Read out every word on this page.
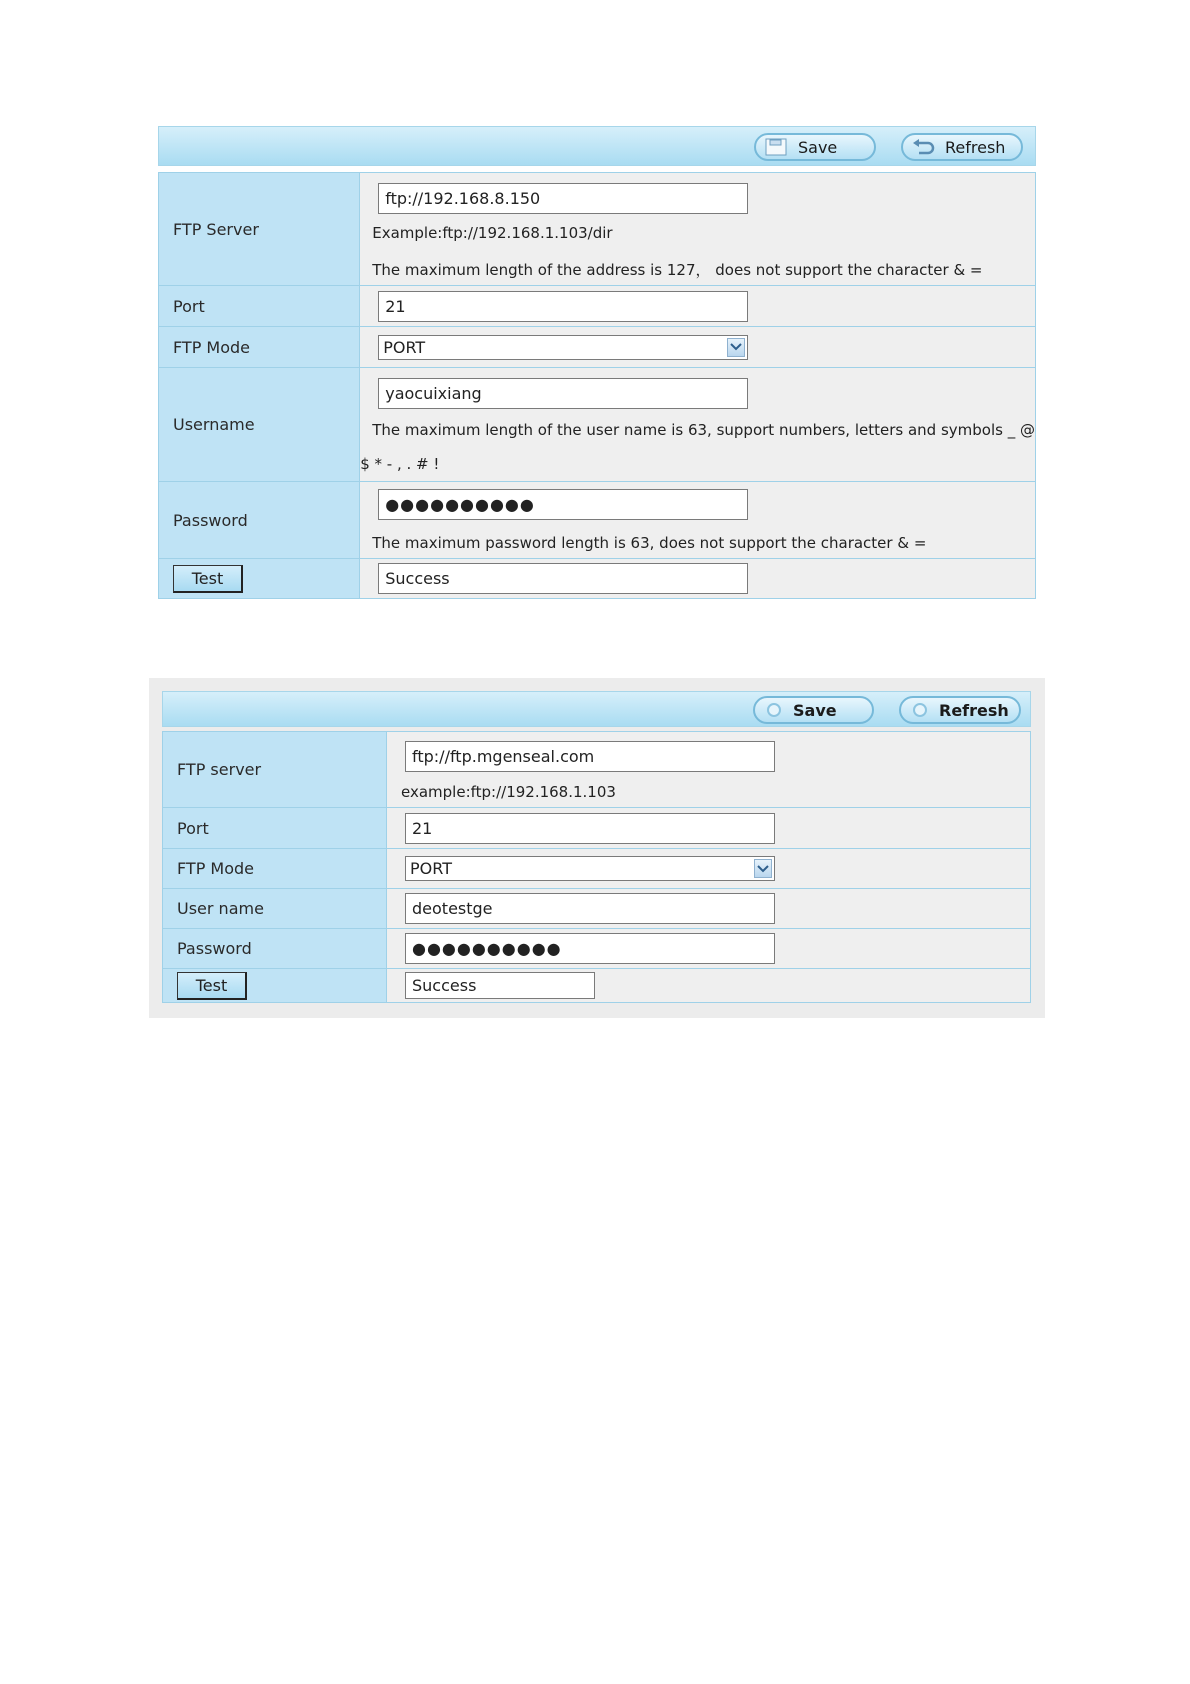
Save	Refresh
FTP Server	ftp://192.168.8.150
Example:ftp://192.168.1.103/dir
The maximum length of the address is 127， does not support the character & =

Port	21

FTP Mode	PORT

Username	yaocuixiang
The maximum length of the user name is 63, support numbers, letters and symbols _ @
$ * - , . # !

Password	●●●●●●●●●●
The maximum password length is 63, does not support the character & =

Test	Success
Save	Refresh
FTP server	ftp://ftp.mgenseal.com
example:ftp://192.168.1.103

Port	21

FTP Mode	PORT

User name	deotestge

Password	●●●●●●●●●●

Test	Success
